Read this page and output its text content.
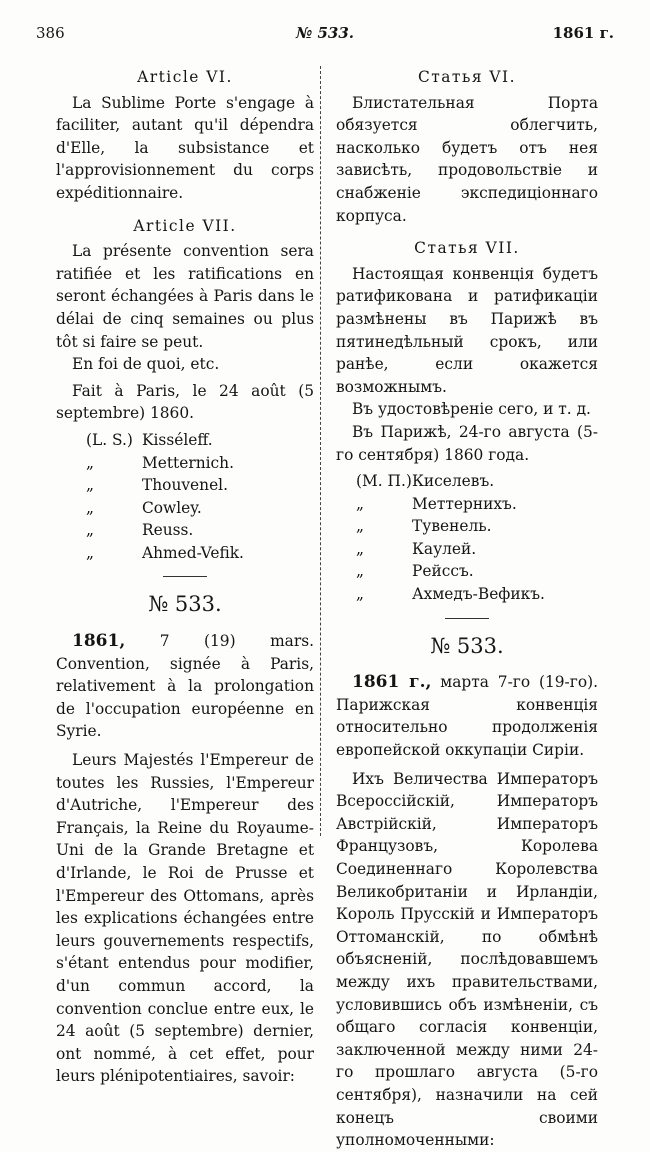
386	№ 533.	1861 г.
Article VI.

La Sublime Porte s'engage à faciliter, autant qu'il dépendra d'Elle, la subsistance et l'approvisionnement du corps expéditionnaire.

Article VII.

La présente convention sera ratifiée et les ratifications en seront échangées à Paris dans le délai de cinq semaines ou plus tôt si faire se peut.

En foi de quoi, etc.

Fait à Paris, le 24 août (5 septembre) 1860.

(L. S.) Kisséleff.
„	Metternich.
„	Thouvenel.
„	Cowley.
„	Reuss.
„	Ahmed-Vefik.
№ 533.

1861, 7 (19) mars. Convention, signée à Paris, relativement à la prolongation de l'occupation européenne en Syrie.

Leurs Majestés l'Empereur de toutes les Russies, l'Empereur d'Autriche, l'Empereur des Français, la Reine du Royaume-Uni de la Grande Bretagne et d'Irlande, le Roi de Prusse et l'Empereur des Ottomans, après les explications échangées entre leurs gouvernements respectifs, s'étant entendus pour modifier, d'un commun accord, la convention conclue entre eux, le 24 août (5 septembre) dernier, ont nommé, à cet effet, pour leurs plénipotentiaires, savoir:

Статья VI.

Блистательная Порта обязуется облегчить, насколько будетъ отъ нея зависѣть, продовольствіе и снабженіе экспедиціоннаго корпуса.

Статья VII.

Настоящая конвенція будетъ ратификована и ратификаціи размѣнены въ Парижѣ въ пятинедѣльный срокъ, или ранѣе, если окажется возможнымъ.

Въ удостовѣреніе сего, и т. д.

Въ Парижѣ, 24-го августа (5-го сентября) 1860 года.

(М. П.) Киселевъ.
„	Меттернихъ.
„	Тувенель.
„	Каулей.
„	Рейссъ.
„	Ахмедъ-Вефикъ.
№ 533.

1861 г., марта 7-го (19-го). Парижская конвенція относительно продолженія европейской оккупаціи Сиріи.

Ихъ Величества Императоръ Всероссійскій, Императоръ Австрійскій, Императоръ Французовъ, Королева Соединеннаго Королевства Великобританіи и Ирландіи, Король Прусскій и Императоръ Оттоманскій, по обмѣнѣ объясненій, послѣдовавшемъ между ихъ правительствами, условившись объ измѣненіи, съ общаго согласія конвенціи, заключенной между ними 24-го прошлаго августа (5-го сентября), назначили на сей конецъ своими уполномоченными:
